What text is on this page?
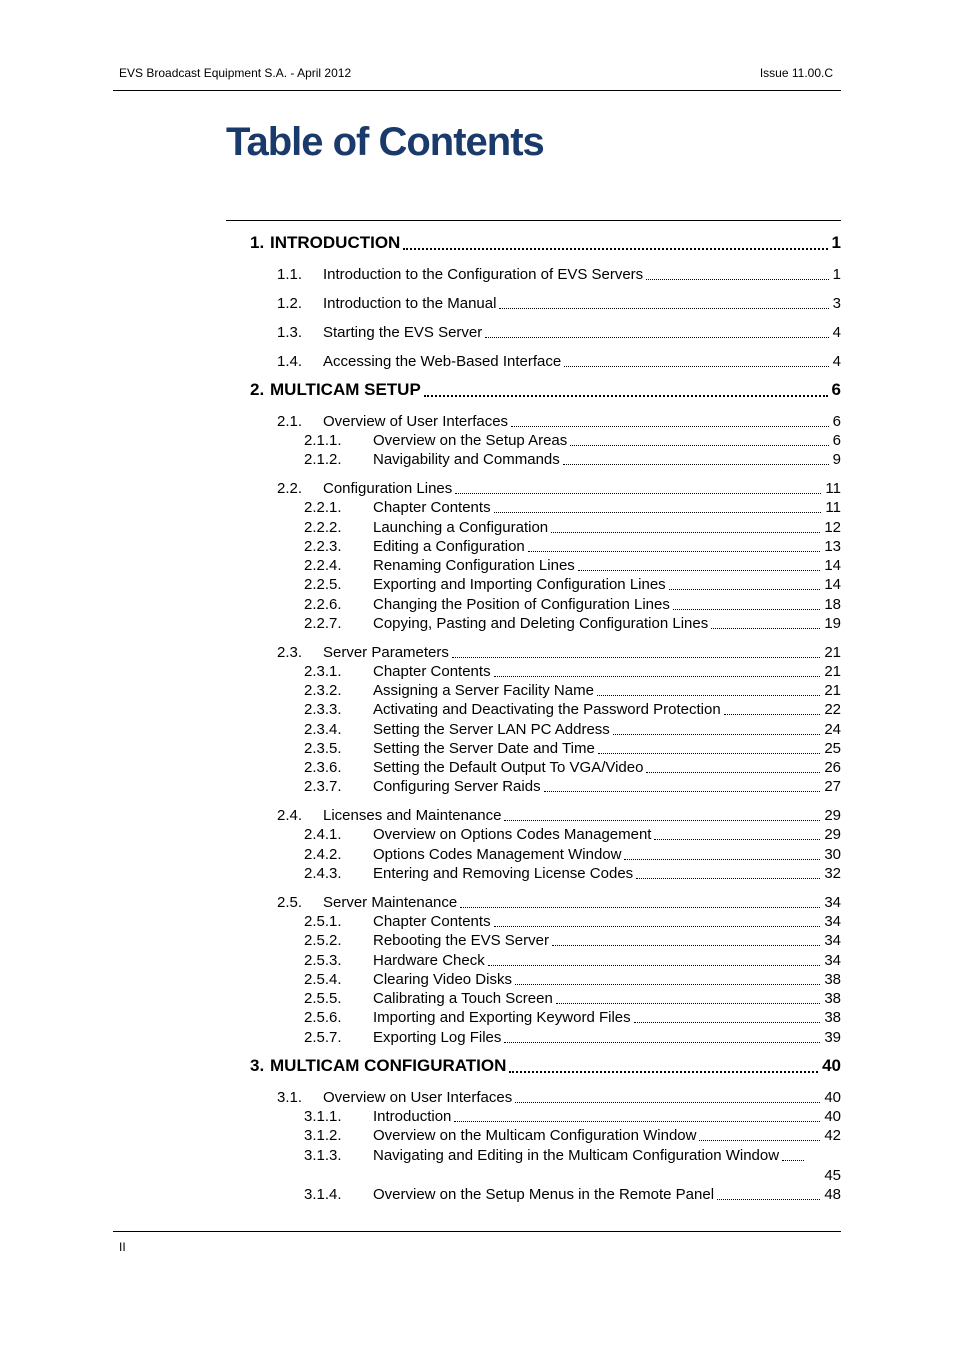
EVS Broadcast Equipment S.A. - April 2012	Issue 11.00.C
Table of Contents
1. INTRODUCTION	1
1.1.	Introduction to the Configuration of EVS Servers	1
1.2.	Introduction to the Manual	3
1.3.	Starting the EVS Server	4
1.4.	Accessing the Web-Based Interface	4
2. MULTICAM SETUP	6
2.1.	Overview of User Interfaces	6
2.1.1.	Overview on the Setup Areas	6
2.1.2.	Navigability and Commands	9
2.2.	Configuration Lines	11
2.2.1.	Chapter Contents	11
2.2.2.	Launching a Configuration	12
2.2.3.	Editing a Configuration	13
2.2.4.	Renaming Configuration Lines	14
2.2.5.	Exporting and Importing Configuration Lines	14
2.2.6.	Changing the Position of Configuration Lines	18
2.2.7.	Copying, Pasting and Deleting Configuration Lines	19
2.3.	Server Parameters	21
2.3.1.	Chapter Contents	21
2.3.2.	Assigning a Server Facility Name	21
2.3.3.	Activating and Deactivating the Password Protection	22
2.3.4.	Setting the Server LAN PC Address	24
2.3.5.	Setting the Server Date and Time	25
2.3.6.	Setting the Default Output To VGA/Video	26
2.3.7.	Configuring Server Raids	27
2.4.	Licenses and Maintenance	29
2.4.1.	Overview on Options Codes Management	29
2.4.2.	Options Codes Management Window	30
2.4.3.	Entering and Removing License Codes	32
2.5.	Server Maintenance	34
2.5.1.	Chapter Contents	34
2.5.2.	Rebooting the EVS Server	34
2.5.3.	Hardware Check	34
2.5.4.	Clearing Video Disks	38
2.5.5.	Calibrating a Touch Screen	38
2.5.6.	Importing and Exporting Keyword Files	38
2.5.7.	Exporting Log Files	39
3. MULTICAM CONFIGURATION	40
3.1.	Overview on User Interfaces	40
3.1.1.	Introduction	40
3.1.2.	Overview on the Multicam Configuration Window	42
3.1.3.	Navigating and Editing in the Multicam Configuration Window
45
3.1.4.	Overview on the Setup Menus in the Remote Panel	48
II
